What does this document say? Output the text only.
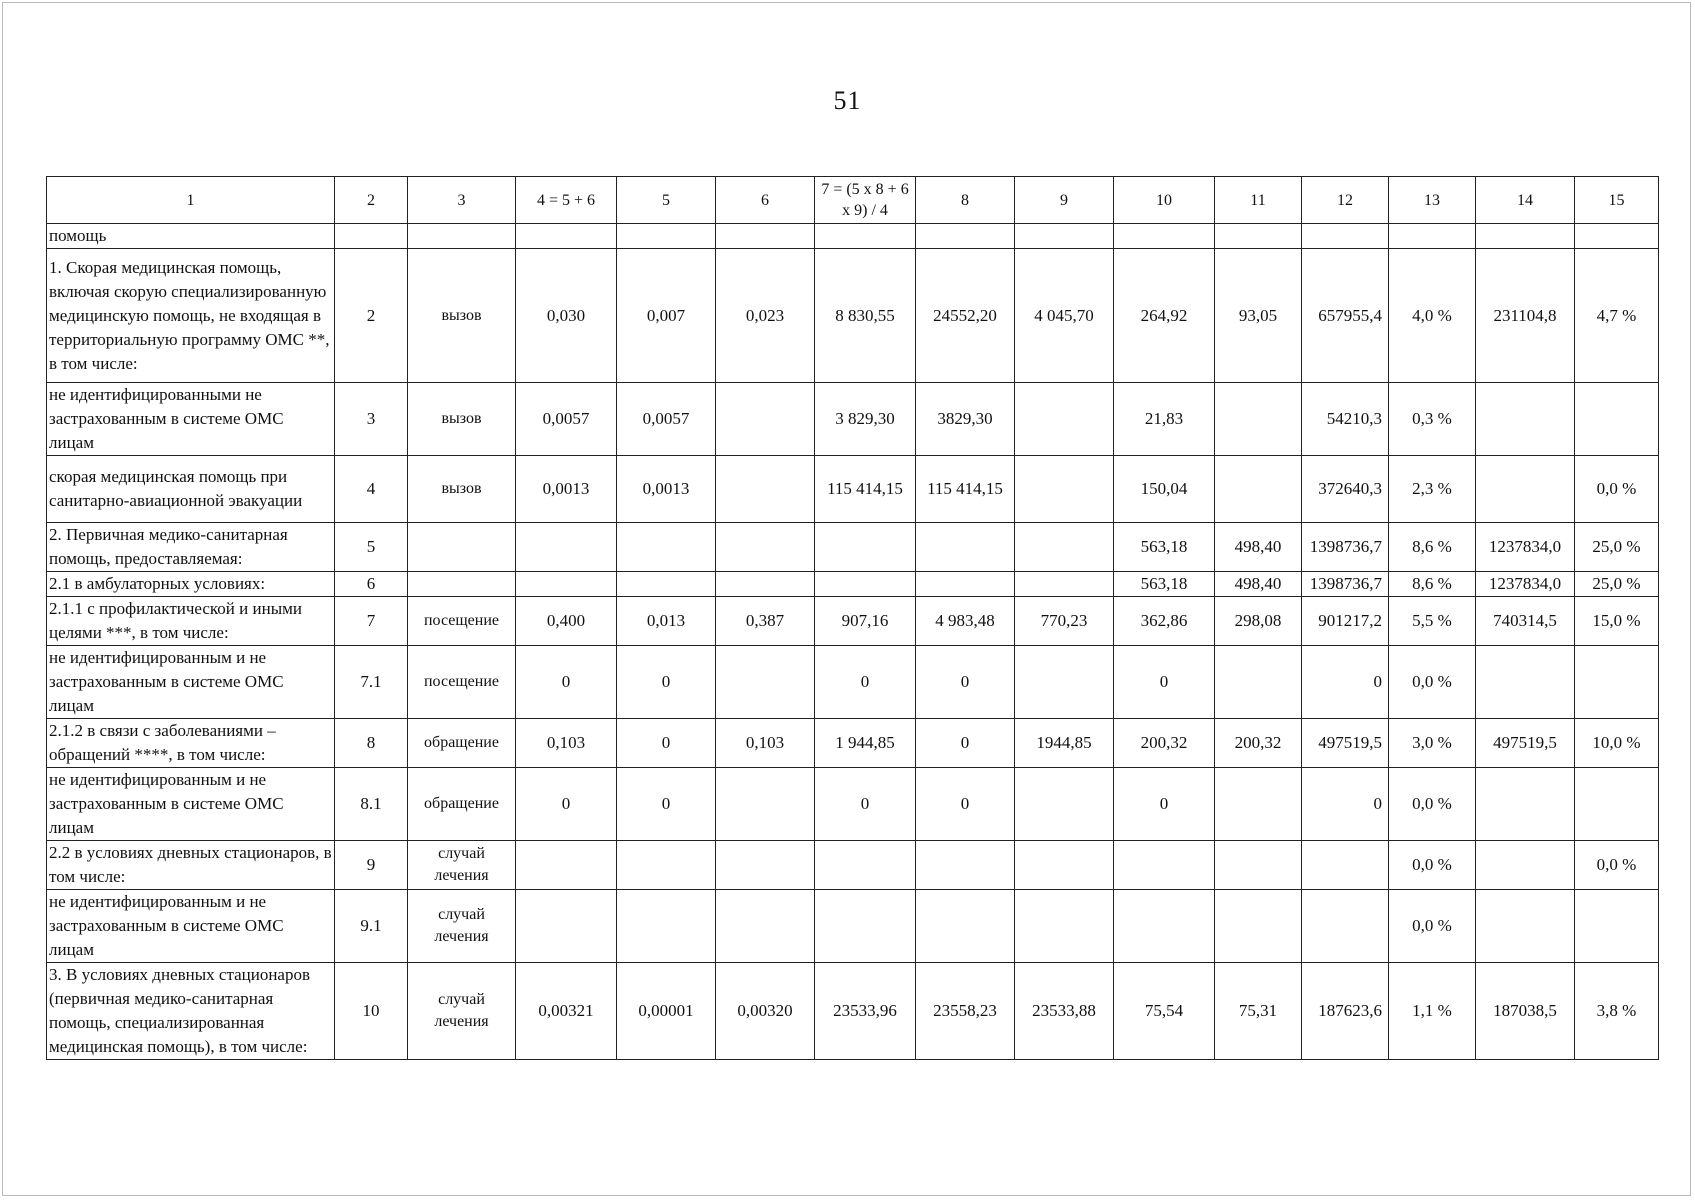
51
1	2	3	4 = 5 + 6	5	6	7 = (5 х 8 + 6 х 9) / 4	8	9	10	11	12	13	14	15
помощь														
1. Скорая медицинская помощь, включая скорую специализированную медицинскую помощь, не входящая в территориальную программу ОМС **, в том числе:	2	вызов	0,030	0,007	0,023	8 830,55	24552,20	4 045,70	264,92	93,05	657955,4	4,0 %	231104,8	4,7 %
не идентифицированными не застрахованным в системе ОМС лицам	3	вызов	0,0057	0,0057		3 829,30	3829,30		21,83		54210,3	0,3 %		
скорая медицинская помощь при санитарно-авиационной эвакуации	4	вызов	0,0013	0,0013		115 414,15	115 414,15		150,04		372640,3	2,3 %		0,0 %
2. Первичная медико-санитарная помощь, предоставляемая:	5								563,18	498,40	1398736,7	8,6 %	1237834,0	25,0 %
2.1 в амбулаторных условиях:	6								563,18	498,40	1398736,7	8,6 %	1237834,0	25,0 %
2.1.1 с профилактической и иными целями ***, в том числе:	7	посещение	0,400	0,013	0,387	907,16	4 983,48	770,23	362,86	298,08	901217,2	5,5 %	740314,5	15,0 %
не идентифицированным и не застрахованным в системе ОМС лицам	7.1	посещение	0	0		0	0		0		0	0,0 %		
2.1.2 в связи с заболеваниями – обращений ****, в том числе:	8	обращение	0,103	0	0,103	1 944,85	0	1944,85	200,32	200,32	497519,5	3,0 %	497519,5	10,0 %
не идентифицированным и не застрахованным в системе ОМС лицам	8.1	обращение	0	0		0	0		0		0	0,0 %		
2.2 в условиях дневных стационаров, в том числе:	9	случай лечения										0,0 %		0,0 %
не идентифицированным и не застрахованным в системе ОМС лицам	9.1	случай лечения										0,0 %		
3. В условиях дневных стационаров (первичная медико-санитарная помощь, специализированная медицинская помощь), в том числе:	10	случай лечения	0,00321	0,00001	0,00320	23533,96	23558,23	23533,88	75,54	75,31	187623,6	1,1 %	187038,5	3,8 %
